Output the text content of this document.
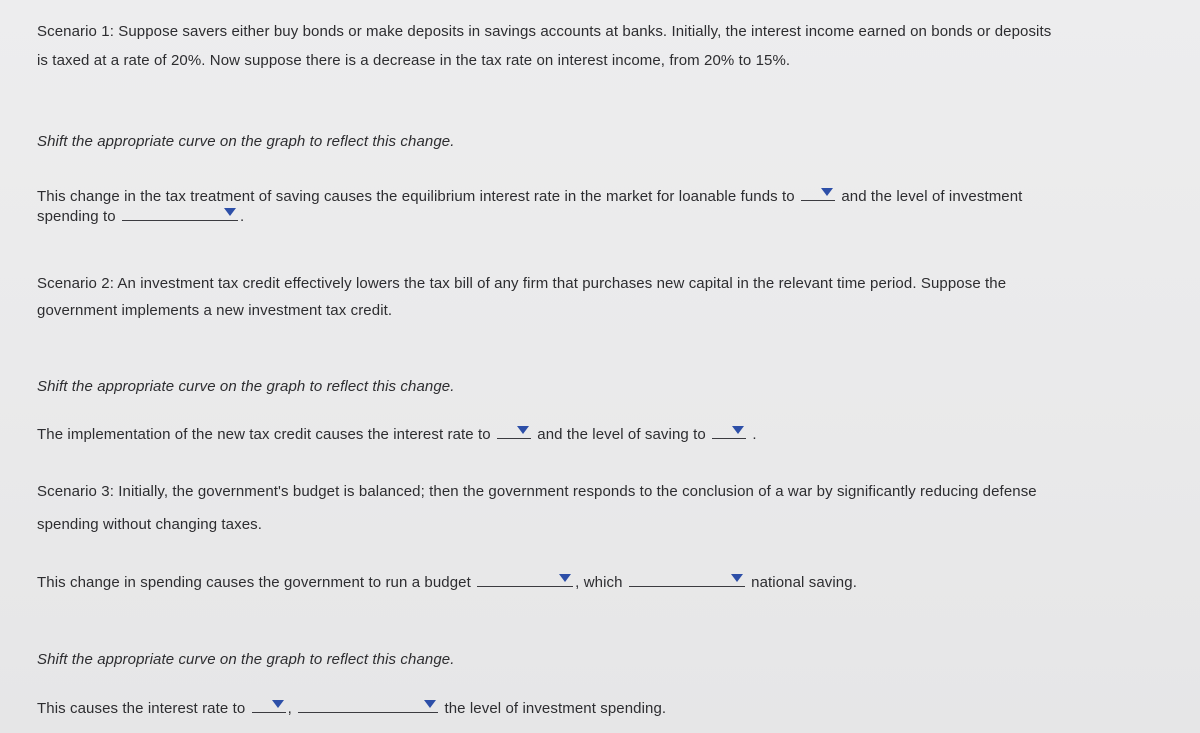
Scenario 1: Suppose savers either buy bonds or make deposits in savings accounts at banks. Initially, the interest income earned on bonds or deposits
is taxed at a rate of 20%. Now suppose there is a decrease in the tax rate on interest income, from 20% to 15%.
Shift the appropriate curve on the graph to reflect this change.
This change in the tax treatment of saving causes the equilibrium interest rate in the market for loanable funds to	and the level of investment
spending to	.
Scenario 2: An investment tax credit effectively lowers the tax bill of any firm that purchases new capital in the relevant time period. Suppose the
government implements a new investment tax credit.
Shift the appropriate curve on the graph to reflect this change.
The implementation of the new tax credit causes the interest rate to	and the level of saving to	.
Scenario 3: Initially, the government's budget is balanced; then the government responds to the conclusion of a war by significantly reducing defense
spending without changing taxes.
This change in spending causes the government to run a budget	, which	national saving.
Shift the appropriate curve on the graph to reflect this change.
This causes the interest rate to	,	the level of investment spending.
